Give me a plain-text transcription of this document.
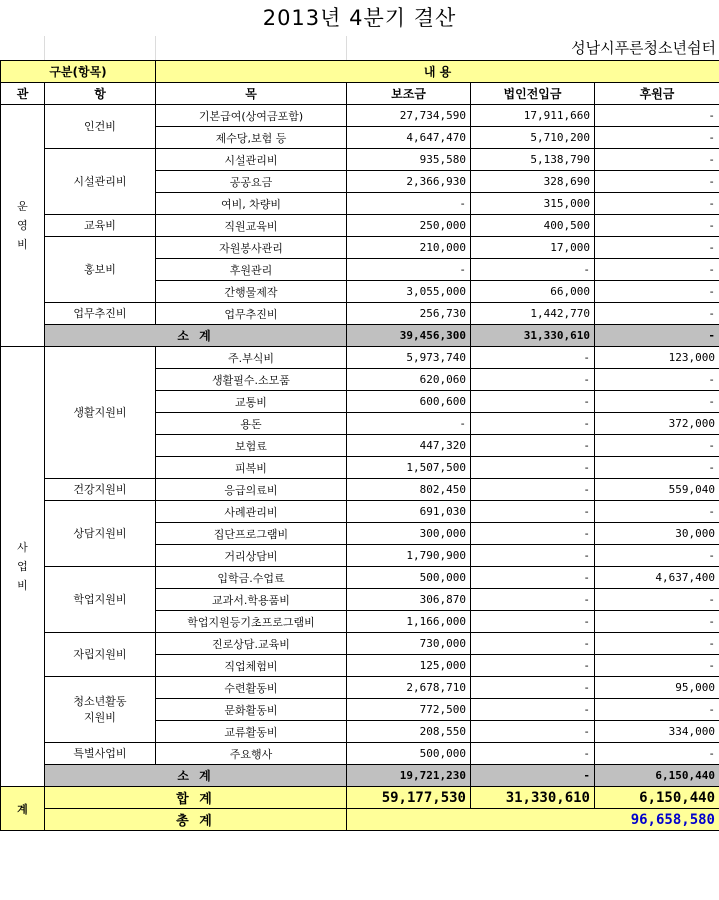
2013년 4분기 결산
성남시푸른청소년쉼터
구분(항목)		내 용			
관	항	목	보조금	법인전입금	후원금
운
영
비	인건비	기본급여(상여금포함)	27,734,590	17,911,660	-
		제수당,보험 등	4,647,470	5,710,200	-
	시설관리비	시설관리비	935,580	5,138,790	-
		공공요금	2,366,930	328,690	-
		여비, 차량비	-	315,000	-
	교육비	직원교육비	250,000	400,500	-
	홍보비	자원봉사관리	210,000	17,000	-
		후원관리	-	-	-
		간행물제작	3,055,000	66,000	-
	업무추진비	업무추진비	256,730	1,442,770	-
	소 계		39,456,300	31,330,610	-
사
업
비	생활지원비	주.부식비	5,973,740	-	123,000
		생활필수.소모품	620,060	-	-
		교통비	600,600	-	-
		용돈	-	-	372,000
		보험료	447,320	-	-
		피복비	1,507,500	-	-
	건강지원비	응급의료비	802,450	-	559,040
	상담지원비	사례관리비	691,030	-	-
		집단프로그램비	300,000	-	30,000
		거리상담비	1,790,900	-	-
	학업지원비	입학금.수업료	500,000	-	4,637,400
		교과서.학용품비	306,870	-	-
		학업지원등기초프로그램비	1,166,000	-	-
	자립지원비	진로상담.교육비	730,000	-	-
		직업체험비	125,000	-	-
	청소년활동
지원비	수련활동비	2,678,710	-	95,000
		문화활동비	772,500	-	-
		교류활동비	208,550	-	334,000
	특별사업비	주요행사	500,000	-	-
	소 계		19,721,230	-	6,150,440
계	합 계		59,177,530	31,330,610	6,150,440
	총 계		96,658,580		
